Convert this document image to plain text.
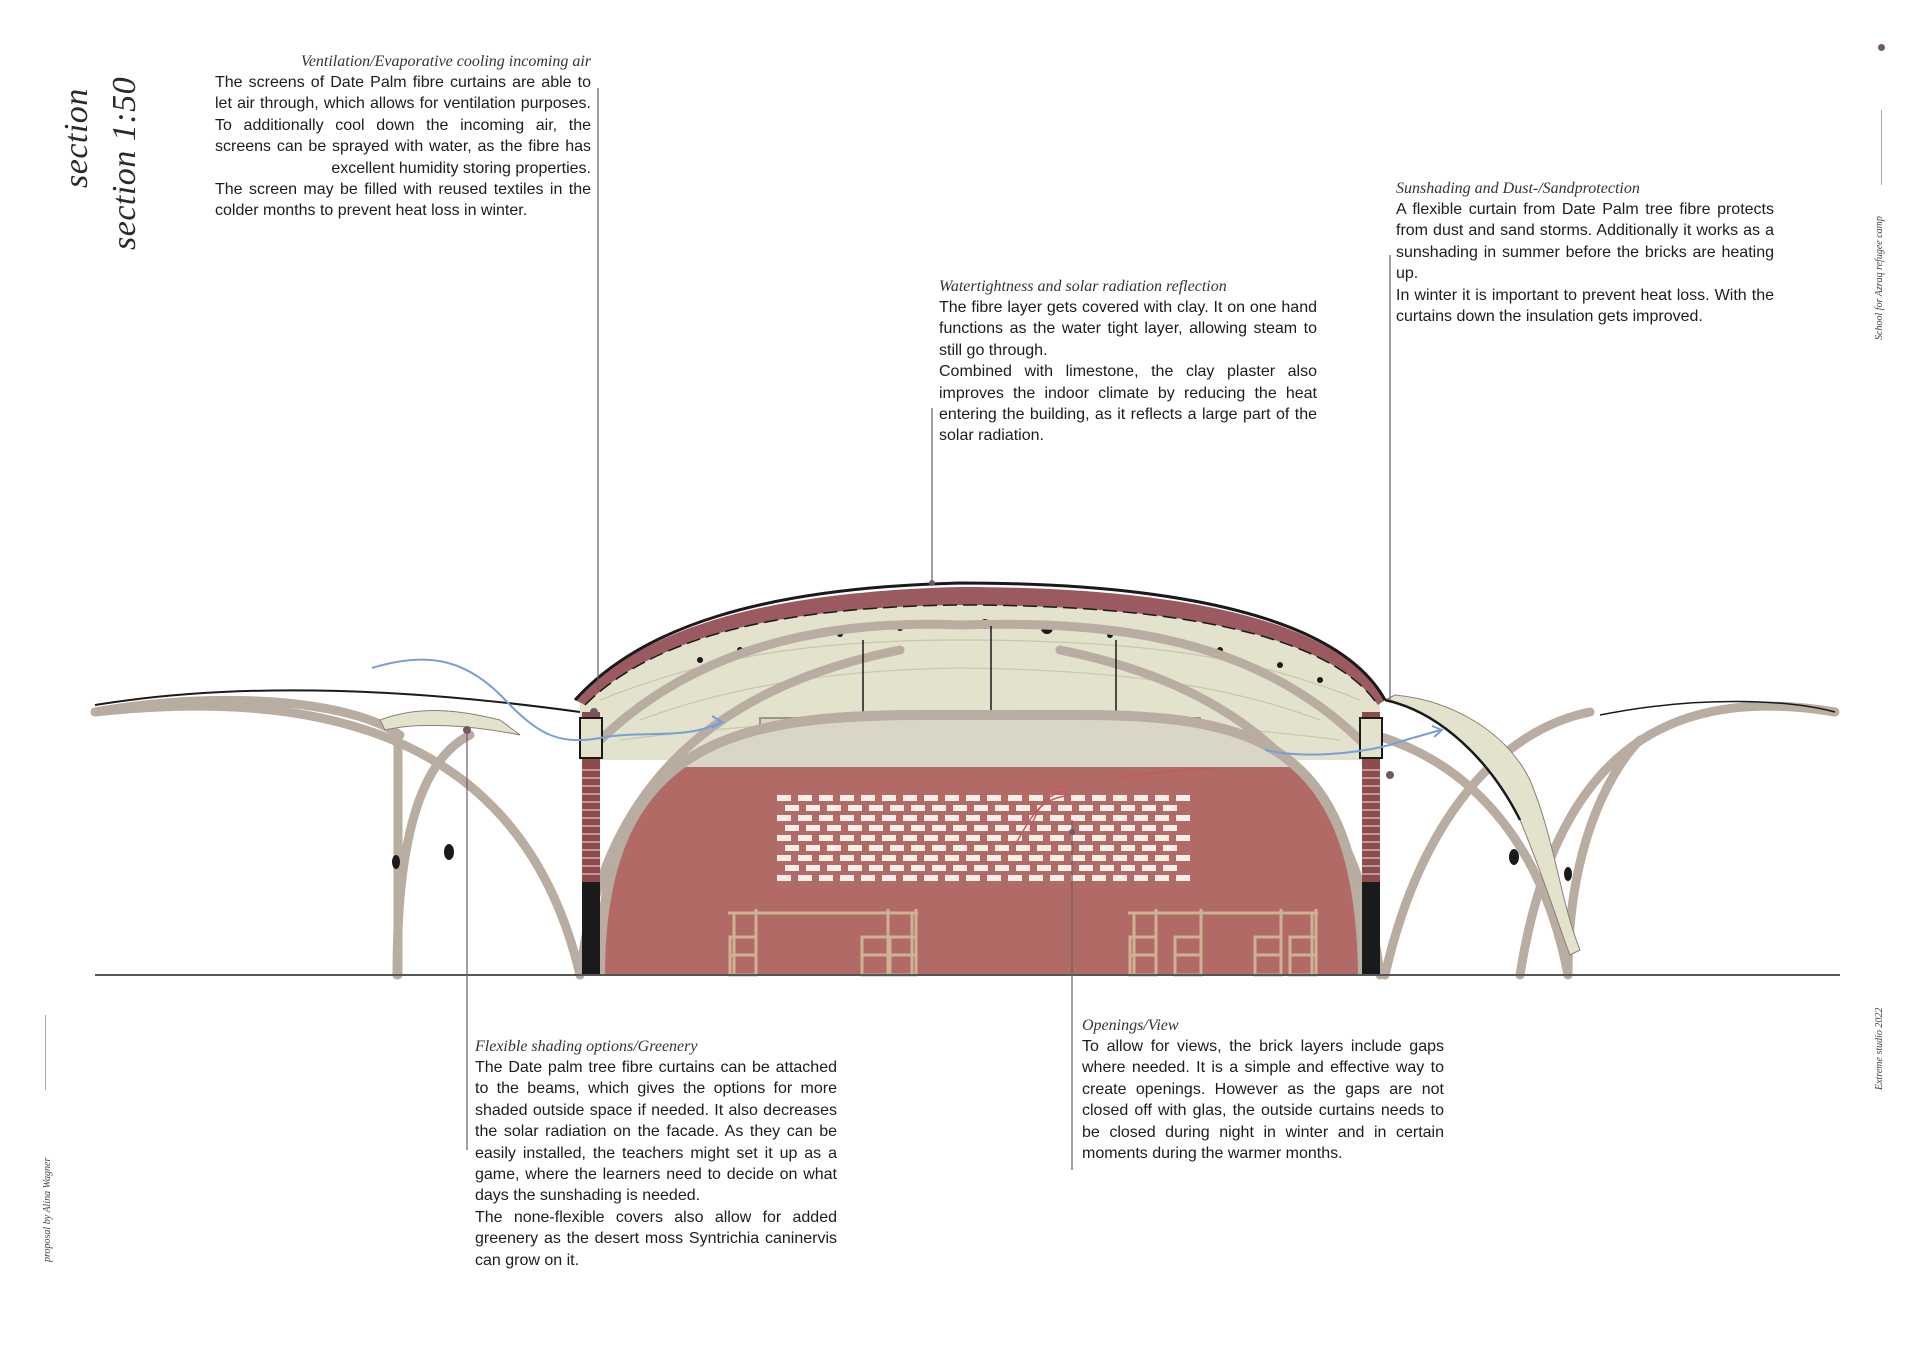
section section 1:50
School for Azraq refugee camp
Extreme studio 2022
proposal by Alina Wagner
Ventilation/Evaporative cooling incoming air

The screens of Date Palm fibre curtains are able to let air through, which allows for ventilation purposes. To additionally cool down the incoming air, the screens can be sprayed with water, as the fibre has excellent humidity storing properties.

The screen may be filled with reused textiles in the colder months to prevent heat loss in winter.

Watertightness and solar radiation reflection

The fibre layer gets covered with clay. It on one hand functions as the water tight layer, allowing steam to still go through.

Combined with limestone, the clay plaster also improves the indoor climate by reducing the heat entering the building, as it reflects a large part of the solar radiation.

Sunshading and Dust-/Sandprotection

A flexible curtain from Date Palm tree fibre protects from dust and sand storms. Additionally it works as a sunshading in summer before the bricks are heating up.

In winter it is important to prevent heat loss. With the curtains down the insulation gets improved.

Flexible shading options/Greenery

The Date palm tree fibre curtains can be attached to the beams, which gives the options for more shaded outside space if needed. It also decreases the solar radiation on the facade. As they can be easily installed, the teachers might set it up as a game, where the learners need to decide on what days the sunshading is needed.

The none-flexible covers also allow for added greenery as the desert moss Syntrichia caninervis can grow on it.

Openings/View

To allow for views, the brick layers include gaps where needed. It is a simple and effective way to create openings. However as the gaps are not closed off with glas, the outside curtains needs to be closed during night in winter and in certain moments during the warmer months.
